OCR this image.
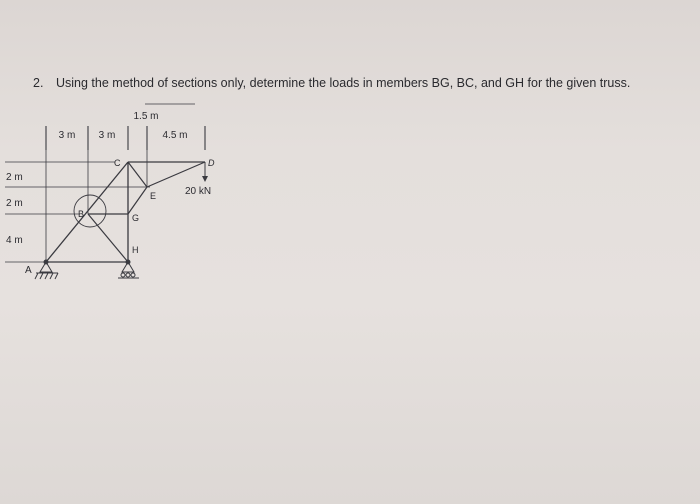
2. Using the method of sections only, determine the loads in members BG, BC, and GH for the given truss.
1.5 m
3 m 3 m	4.5 m
2 m
2 m
4 m
A
B
C	D
E
G
H
20 kN
